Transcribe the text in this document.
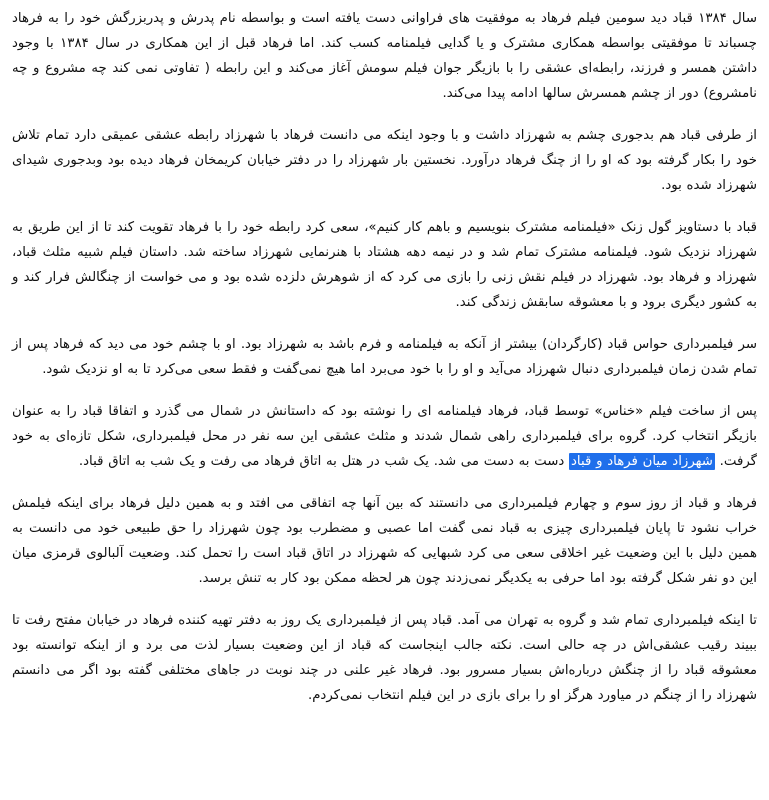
سال ۱۳۸۴ قباد دید سومین فیلم فرهاد به موفقیت های فراوانی دست یافته است و بواسطه نام پدرش و پدربزرگش خود را به فرهاد چسباند تا موفقیتی بواسطه همکاری مشترک و یا گدایی فیلمنامه کسب کند. اما فرهاد قبل از این همکاری در سال ۱۳۸۴ با وجود داشتن همسر و فرزند، رابطه‌ای عشقی را با بازیگر جوان فیلم سومش آغاز می‌کند و این رابطه ( تفاوتی نمی کند چه مشروع و چه نامشروع) دور از چشم همسرش سالها ادامه پیدا می‌کند.

از طرفی قباد هم بدجوری چشم به شهرزاد داشت و با وجود اینکه می دانست فرهاد با شهرزاد رابطه عشقی عمیقی دارد تمام تلاش خود را بکار گرفته بود که او را از چنگ فرهاد درآورد. نخستین بار شهرزاد را در دفتر خیابان کریمخان فرهاد دیده بود وبدجوری شیدای شهرزاد شده بود.

قباد با دستاویز گول زنک «فیلمنامه مشترک بنویسیم و باهم کار کنیم»، سعی کرد رابطه خود را با فرهاد تقویت کند تا از این طریق به شهرزاد نزدیک شود. فیلمنامه مشترک تمام شد و در نیمه دهه هشتاد با هنرنمایی شهرزاد ساخته شد. داستان فیلم شبیه مثلث قباد، شهرزاد و فرهاد بود. شهرزاد در فیلم نقش زنی را بازی می کرد که از شوهرش دلزده شده بود و می خواست از چنگالش فرار کند و به کشور دیگری برود و با معشوقه سابقش زندگی کند.

سر فیلمبرداری حواس قباد (کارگردان) بیشتر از آنکه به فیلمنامه و فرم باشد به شهرزاد بود. او با چشم خود می دید که فرهاد پس از تمام شدن زمان فیلمبرداری دنبال شهرزاد می‌آید و او را با خود می‌برد اما هیچ نمی‌گفت و فقط سعی می‌کرد تا به او نزدیک شود.

پس از ساخت فیلم «خناس» توسط قباد، فرهاد فیلمنامه ای را نوشته بود که داستانش در شمال می گذرد و اتفاقا قباد را به عنوان بازیگر انتخاب کرد. گروه برای فیلمبرداری راهی شمال شدند و مثلث عشقی این سه نفر در محل فیلمبرداری، شکل تازه‌ای به خود گرفت. شهرزاد میان فرهاد و قباد دست به دست می شد. یک شب در هتل به اتاق فرهاد می رفت و یک شب به اتاق قباد.

فرهاد و قباد از روز سوم و چهارم فیلمبرداری می دانستند که بین آنها چه اتفاقی می افتد و به همین دلیل فرهاد برای اینکه فیلمش خراب نشود تا پایان فیلمبرداری چیزی به قباد نمی گفت اما عصبی و مضطرب بود چون شهرزاد را حق طبیعی خود می دانست به همین دلیل با این وضعیت غیر اخلاقی سعی می کرد شبهایی که شهرزاد در اتاق قباد است را تحمل کند. وضعیت آلبالوی قرمزی میان این دو نفر شکل گرفته بود اما حرفی به یکدیگر نمی‌زدند چون هر لحظه ممکن بود کار به تنش برسد.

تا اینکه فیلمبرداری تمام شد و گروه به تهران می آمد. قباد پس از فیلمبرداری یک روز به دفتر تهیه کننده فرهاد در خیابان مفتح رفت تا ببیند رقیب عشقی‌اش در چه حالی است. نکته جالب اینجاست که قباد از این وضعیت بسیار لذت می برد و از اینکه توانسته بود معشوقه قباد را از چنگش درباره‌اش بسیار مسرور بود. فرهاد غیر علنی در چند نوبت در جاهای مختلفی گفته بود اگر می دانستم شهرزاد را از چنگم در میاورد هرگز او را برای بازی در این فیلم انتخاب نمی‌کردم.
